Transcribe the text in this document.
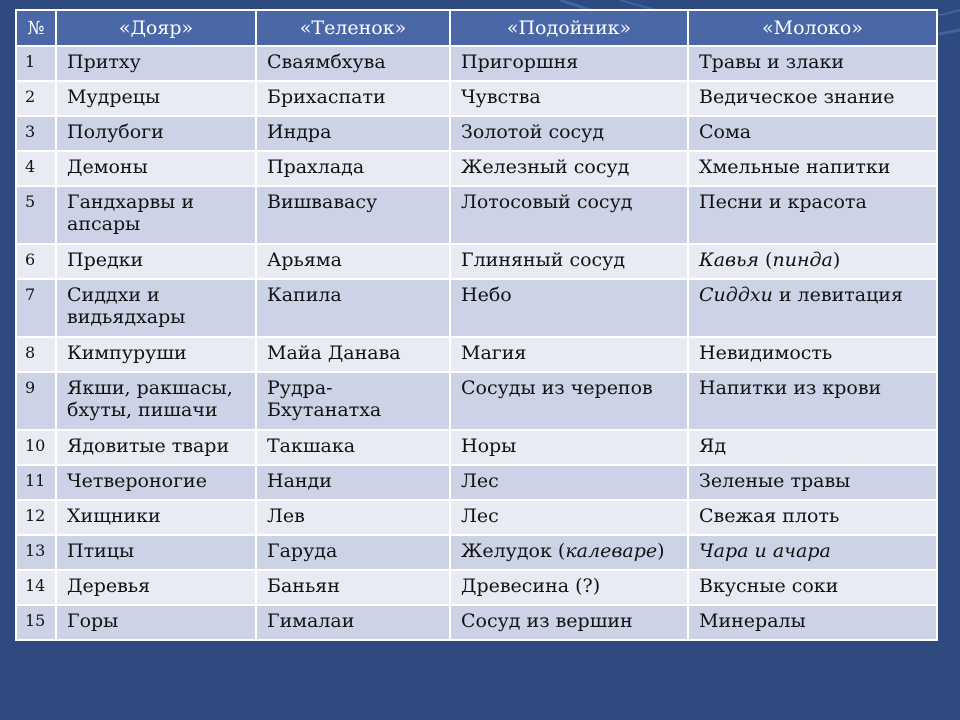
№	«Дояр»	«Теленок»	«Подойник»	«Молоко»
1	Притху	Сваямбхува	Пригоршня	Травы и злаки
2	Мудрецы	Брихаспати	Чувства	Ведическое знание
3	Полубоги	Индра	Золотой сосуд	Сома
4	Демоны	Прахлада	Железный сосуд	Хмельные напитки
5	Гандхарвы и апсары	Вишвавасу	Лотосовый сосуд	Песни и красота
6	Предки	Арьяма	Глиняный сосуд	Кавья (пинда)
7	Сиддхи и видьядхары	Капила	Небо	Сиддхи и левитация
8	Кимпуруши	Майа Данава	Магия	Невидимость
9	Якши, ракшасы, бхуты, пишачи	Рудра-Бхутанатха	Сосуды из черепов	Напитки из крови
10	Ядовитые твари	Такшака	Норы	Яд
11	Четвероногие	Нанди	Лес	Зеленые травы
12	Хищники	Лев	Лес	Свежая плоть
13	Птицы	Гаруда	Желудок (калеваре)	Чара и ачара
14	Деревья	Баньян	Древесина (?)	Вкусные соки
15	Горы	Гималаи	Сосуд из вершин	Минералы
